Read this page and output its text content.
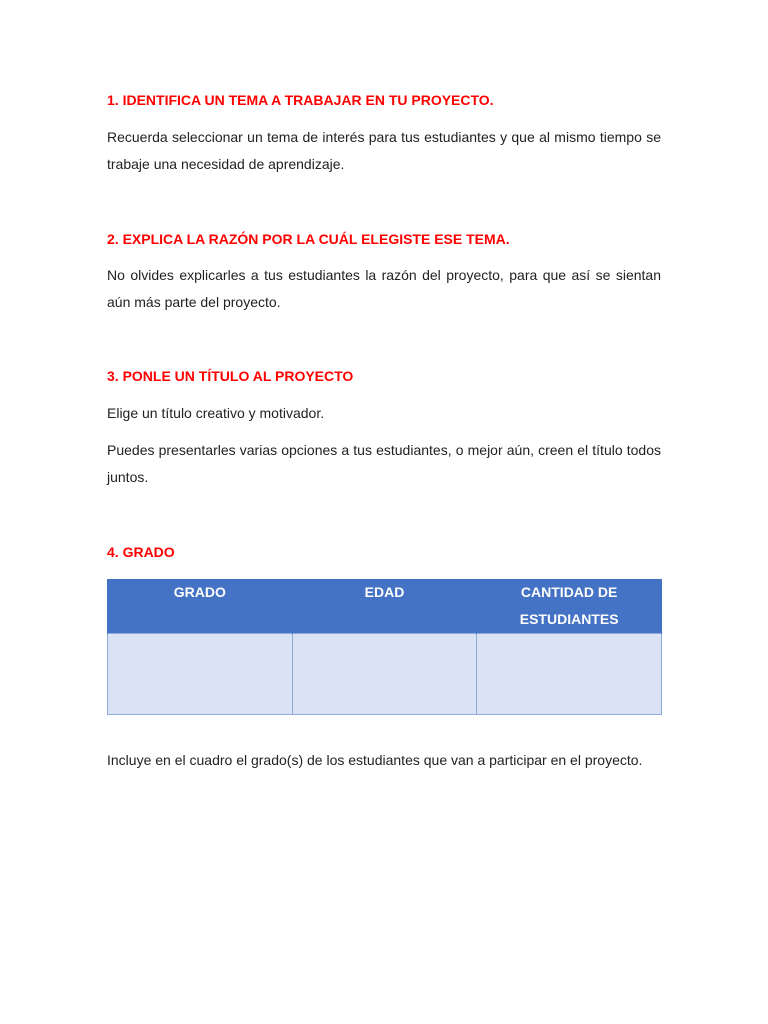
1. IDENTIFICA UN TEMA A TRABAJAR EN TU PROYECTO.
Recuerda seleccionar un tema de interés para tus estudiantes y que al mismo tiempo se trabaje una necesidad de aprendizaje.
2. EXPLICA LA RAZÓN POR LA CUÁL ELEGISTE ESE TEMA.
No olvides explicarles a tus estudiantes la razón del proyecto, para que así se sientan aún más parte del proyecto.
3. PONLE UN TÍTULO AL PROYECTO
Elige un título creativo y motivador.
Puedes presentarles varias opciones a tus estudiantes, o mejor aún, creen el título todos juntos.
4. GRADO
GRADO	EDAD	CANTIDAD DE ESTUDIANTES

Incluye en el cuadro el grado(s) de los estudiantes que van a participar en el proyecto.
